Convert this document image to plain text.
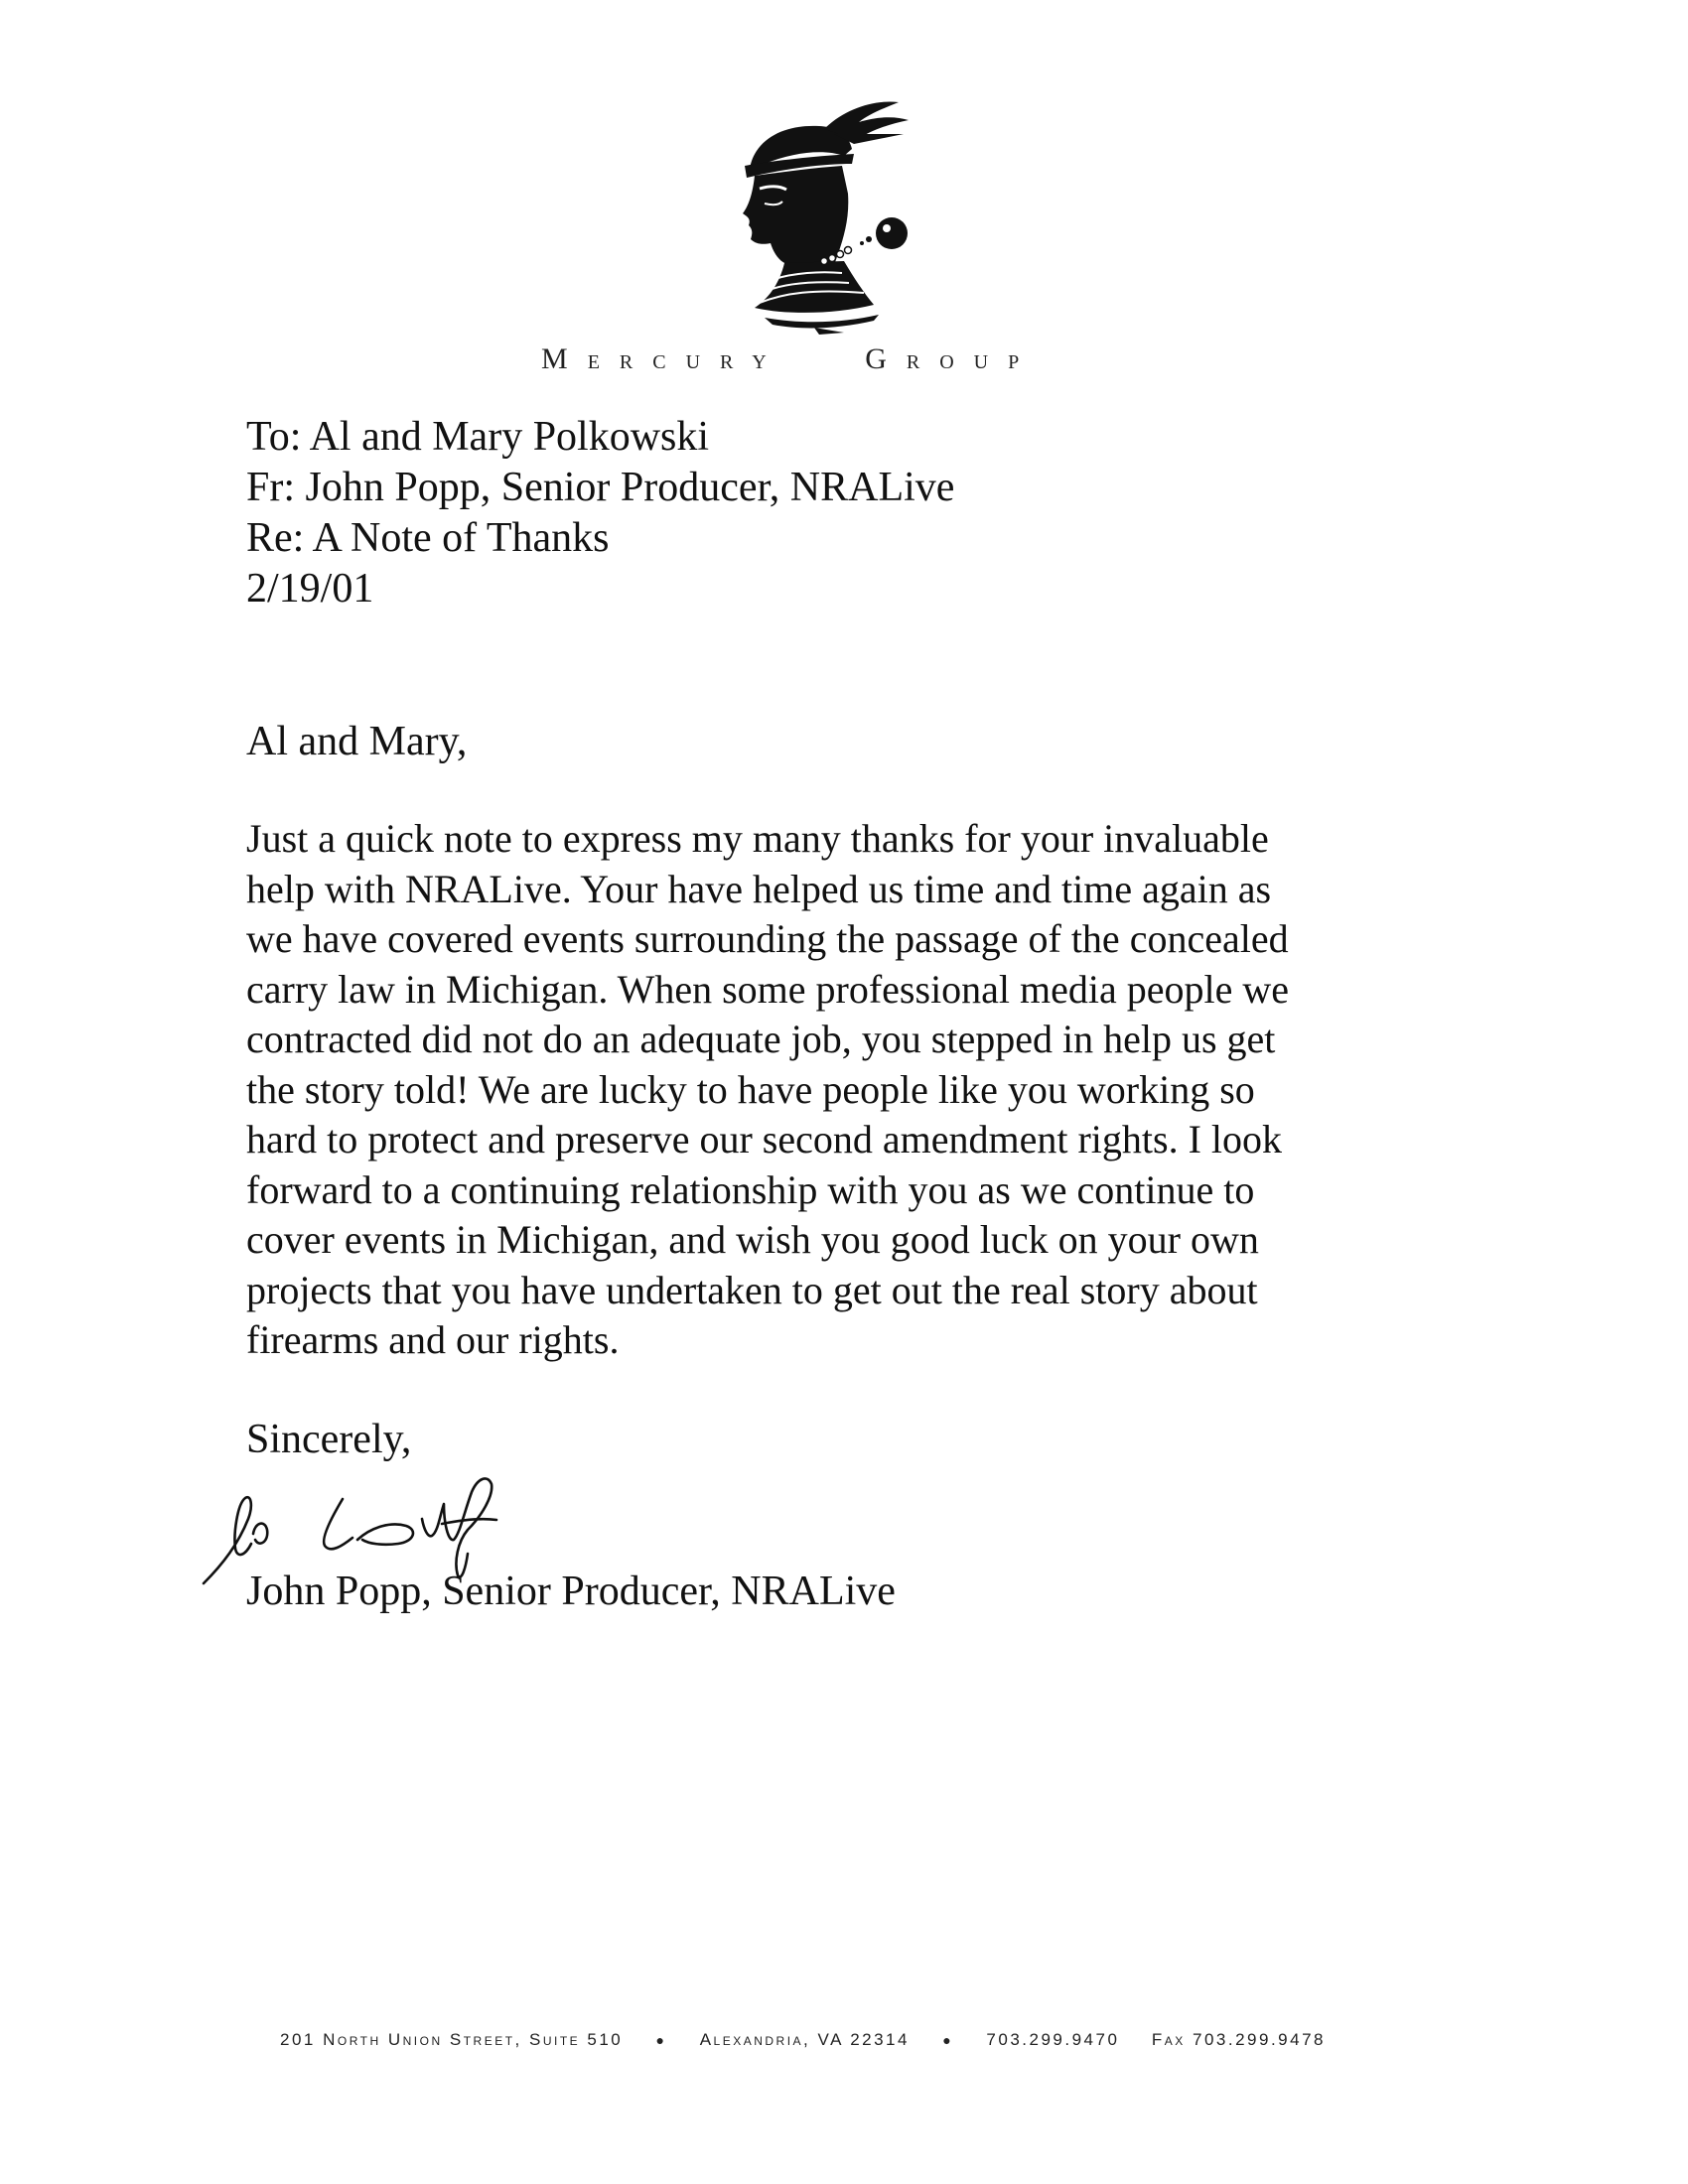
MERCURY	GROUP
To: Al and Mary Polkowski
Fr: John Popp, Senior Producer, NRALive
Re: A Note of Thanks
2/19/01
Al and Mary,
Just a quick note to express my many thanks for your invaluable
help with NRALive. Your have helped us time and time again as
we have covered events surrounding the passage of the concealed
carry law in Michigan. When some professional media people we
contracted did not do an adequate job, you stepped in help us get
the story told! We are lucky to have people like you working so
hard to protect and preserve our second amendment rights. I look
forward to a continuing relationship with you as we continue to
cover events in Michigan, and wish you good luck on your own
projects that you have undertaken to get out the real story about
firearms and our rights.
Sincerely,
John Popp, Senior Producer, NRALive
201 North Union Street, Suite 510 ● Alexandria, VA 22314 ● 703.299.9470 Fax 703.299.9478
